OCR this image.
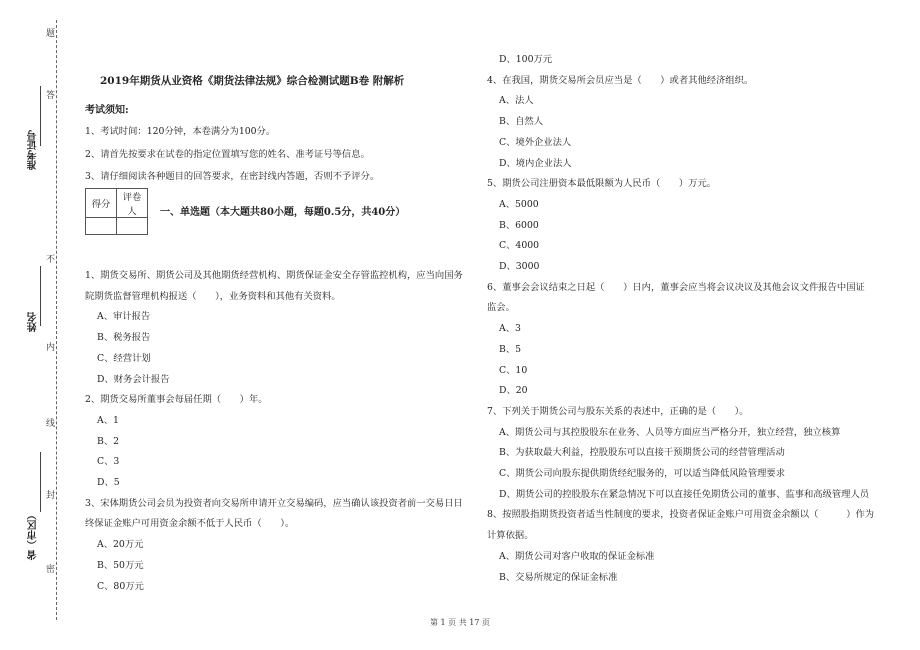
题
答
不
内
线
封
密
准考证号
姓名
省（市区）
2019年期货从业资格《期货法律法规》综合检测试题B卷 附解析
考试须知:
1、考试时间：120分钟，本卷满分为100分。
2、请首先按要求在试卷的指定位置填写您的姓名、准考证号等信息。
3、请仔细阅读各种题目的回答要求，在密封线内答题，否则不予评分。
得分	评卷人
	一、单选题（本大题共80小题，每题0.5分，共40分）
1、期货交易所、期货公司及其他期货经营机构、期货保证金安全存管监控机构，应当向国务
院期货监督管理机构报送（　　），业务资料和其他有关资料。
A、审计报告
B、税务报告
C、经营计划
D、财务会计报告
2、期货交易所董事会每届任期（　　）年。
A、1
B、2
C、3
D、5
3、宋体期货公司会员为投资者向交易所申请开立交易编码，应当确认该投资者前一交易日日
终保证金账户可用资金余额不低于人民币（　　）。
A、20万元
B、50万元
C、80万元
D、100万元
4、在我国，期货交易所会员应当是（　　）或者其他经济组织。
A、法人
B、自然人
C、境外企业法人
D、境内企业法人
5、期货公司注册资本最低限额为人民币（　　）万元。
A、5000
B、6000
C、4000
D、3000
6、董事会会议结束之日起（　　）日内，董事会应当将会议决议及其他会议文件报告中国证
监会。
A、3
B、5
C、10
D、20
7、下列关于期货公司与股东关系的表述中，正确的是（　　）。
A、期货公司与其控股股东在业务、人员等方面应当严格分开，独立经营，独立核算
B、为获取最大利益，控股股东可以直接干预期货公司的经营管理活动
C、期货公司向股东提供期货经纪服务的，可以适当降低风险管理要求
D、期货公司的控股股东在紧急情况下可以直接任免期货公司的董事、监事和高级管理人员
8、按照股指期货投资者适当性制度的要求，投资者保证金账户可用资金余额以（　　　）作为
计算依据。
A、期货公司对客户收取的保证金标准
B、交易所规定的保证金标准
第 1 页 共 17 页
